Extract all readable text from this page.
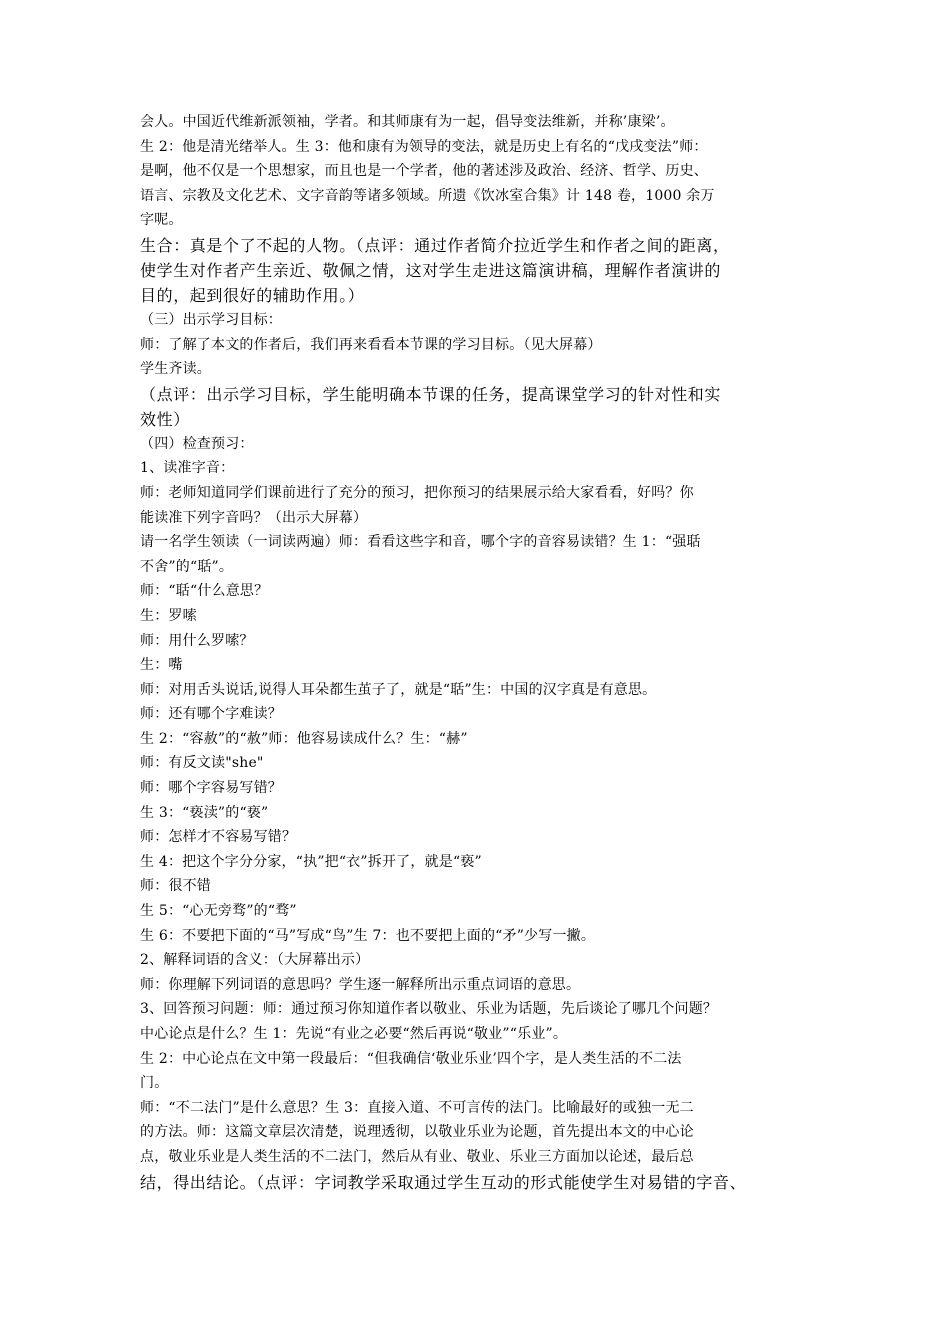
会人。中国近代维新派领袖，学者。和其师康有为一起，倡导变法维新，并称’康梁’。
生 2：他是清光绪举人。生 3：他和康有为领导的变法，就是历史上有名的“戊戌变法”师：
是啊，他不仅是一个思想家，而且也是一个学者，他的著述涉及政治、经济、哲学、历史、
语言、宗教及文化艺术、文字音韵等诸多领域。所遗《饮冰室合集》计 148 卷，1000 余万
字呢。
生合：真是个了不起的人物。（点评：通过作者简介拉近学生和作者之间的距离，
使学生对作者产生亲近、敬佩之情，这对学生走进这篇演讲稿，理解作者演讲的
目的，起到很好的辅助作用。）
（三）出示学习目标：
师：了解了本文的作者后，我们再来看看本节课的学习目标。（见大屏幕）
学生齐读。
（点评：出示学习目标，学生能明确本节课的任务，提高课堂学习的针对性和实
效性）
（四）检查预习：
1、读准字音：
师：老师知道同学们课前进行了充分的预习，把你预习的结果展示给大家看看，好吗？你
能读准下列字音吗？（出示大屏幕）
请一名学生领读（一词读两遍）师：看看这些字和音，哪个字的音容易读错？生 1：“强聒
不舍”的“聒”。
师：“聒“什么意思？
生：罗嗦
师：用什么罗嗦？
生：嘴
师：对用舌头说话,说得人耳朵都生茧子了，就是“聒”生：中国的汉字真是有意思。
师：还有哪个字难读？
生 2：“容赦”的“赦”师：他容易读成什么？生：“赫”
师：有反文读"she"
师：哪个字容易写错？
生 3：“亵渎”的“亵”
师：怎样才不容易写错？
生 4：把这个字分分家，“执”把“衣”拆开了，就是“亵”
师：很不错
生 5：“心无旁骛”的“骛”
生 6：不要把下面的“马”写成“鸟”生 7：也不要把上面的“矛”少写一撇。
2、解释词语的含义：（大屏幕出示）
师：你理解下列词语的意思吗？学生逐一解释所出示重点词语的意思。
3、回答预习问题：师：通过预习你知道作者以敬业、乐业为话题，先后谈论了哪几个问题？
中心论点是什么？生 1：先说“有业之必要“然后再说“敬业”“乐业”。
生 2：中心论点在文中第一段最后：“但我确信‘敬业乐业’四个字，是人类生活的不二法
门。
师：“不二法门”是什么意思？生 3：直接入道、不可言传的法门。比喻最好的或独一无二
的方法。师：这篇文章层次清楚，说理透彻，以敬业乐业为论题，首先提出本文的中心论
点，敬业乐业是人类生活的不二法门，然后从有业、敬业、乐业三方面加以论述，最后总
结，得出结论。（点评：字词教学采取通过学生互动的形式能使学生对易错的字音、
